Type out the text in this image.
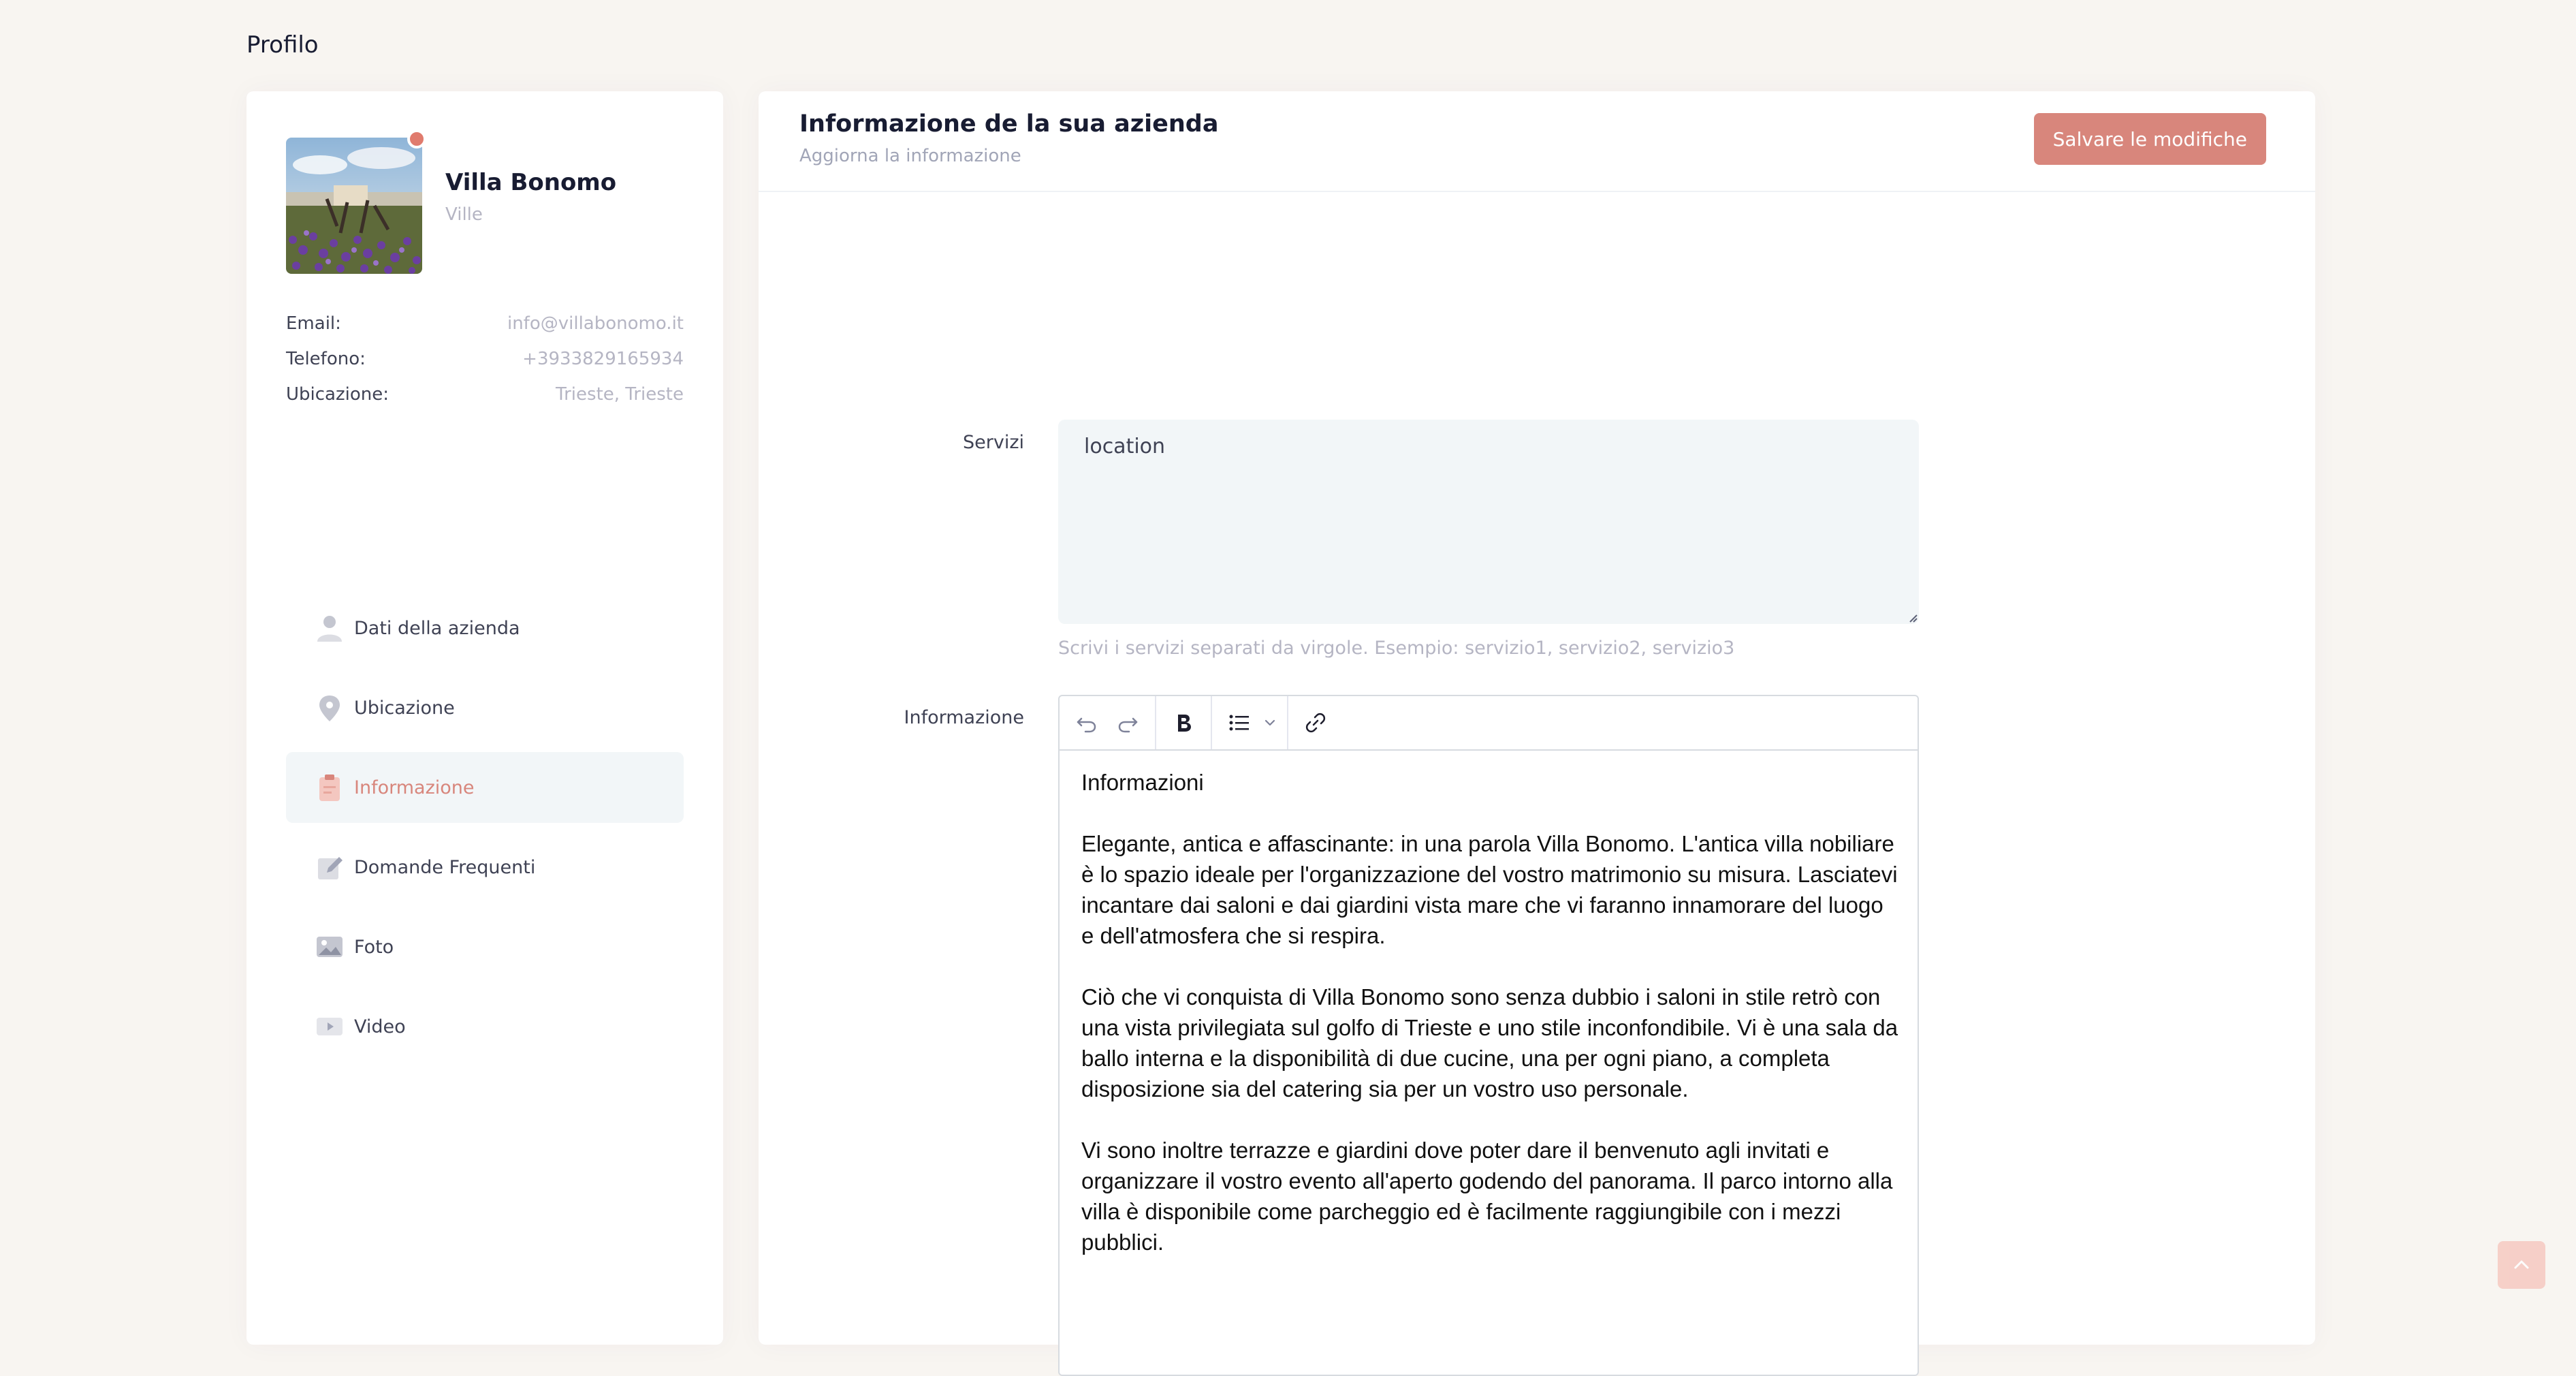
Profilo
Villa Bonomo
Ville
Email:	info@villabonomo.it
Telefono:	+3933829165934
Ubicazione:	Trieste, Trieste
Dati della azienda
Ubicazione
Informazione
Domande Frequenti
Foto
Video
Informazione de la sua azienda
Aggiorna la informazione
Salvare le modifiche
Servizi
location
Scrivi i servizi separati da virgole. Esempio: servizio1, servizio2, servizio3
Informazione

Informazioni

Elegante, antica e affascinante: in una parola Villa Bonomo. L'antica villa nobiliare è lo spazio ideale per l'organizzazione del vostro matrimonio su misura. Lasciatevi incantare dai saloni e dai giardini vista mare che vi faranno innamorare del luogo e dell'atmosfera che si respira.

Ciò che vi conquista di Villa Bonomo sono senza dubbio i saloni in stile retrò con una vista privilegiata sul golfo di Trieste e uno stile inconfondibile. Vi è una sala da ballo interna e la disponibilità di due cucine, una per ogni piano, a completa disposizione sia del catering sia per un vostro uso personale.

Vi sono inoltre terrazze e giardini dove poter dare il benvenuto agli invitati e organizzare il vostro evento all'aperto godendo del panorama. Il parco intorno alla villa è disponibile come parcheggio ed è facilmente raggiungibile con i mezzi pubblici.
